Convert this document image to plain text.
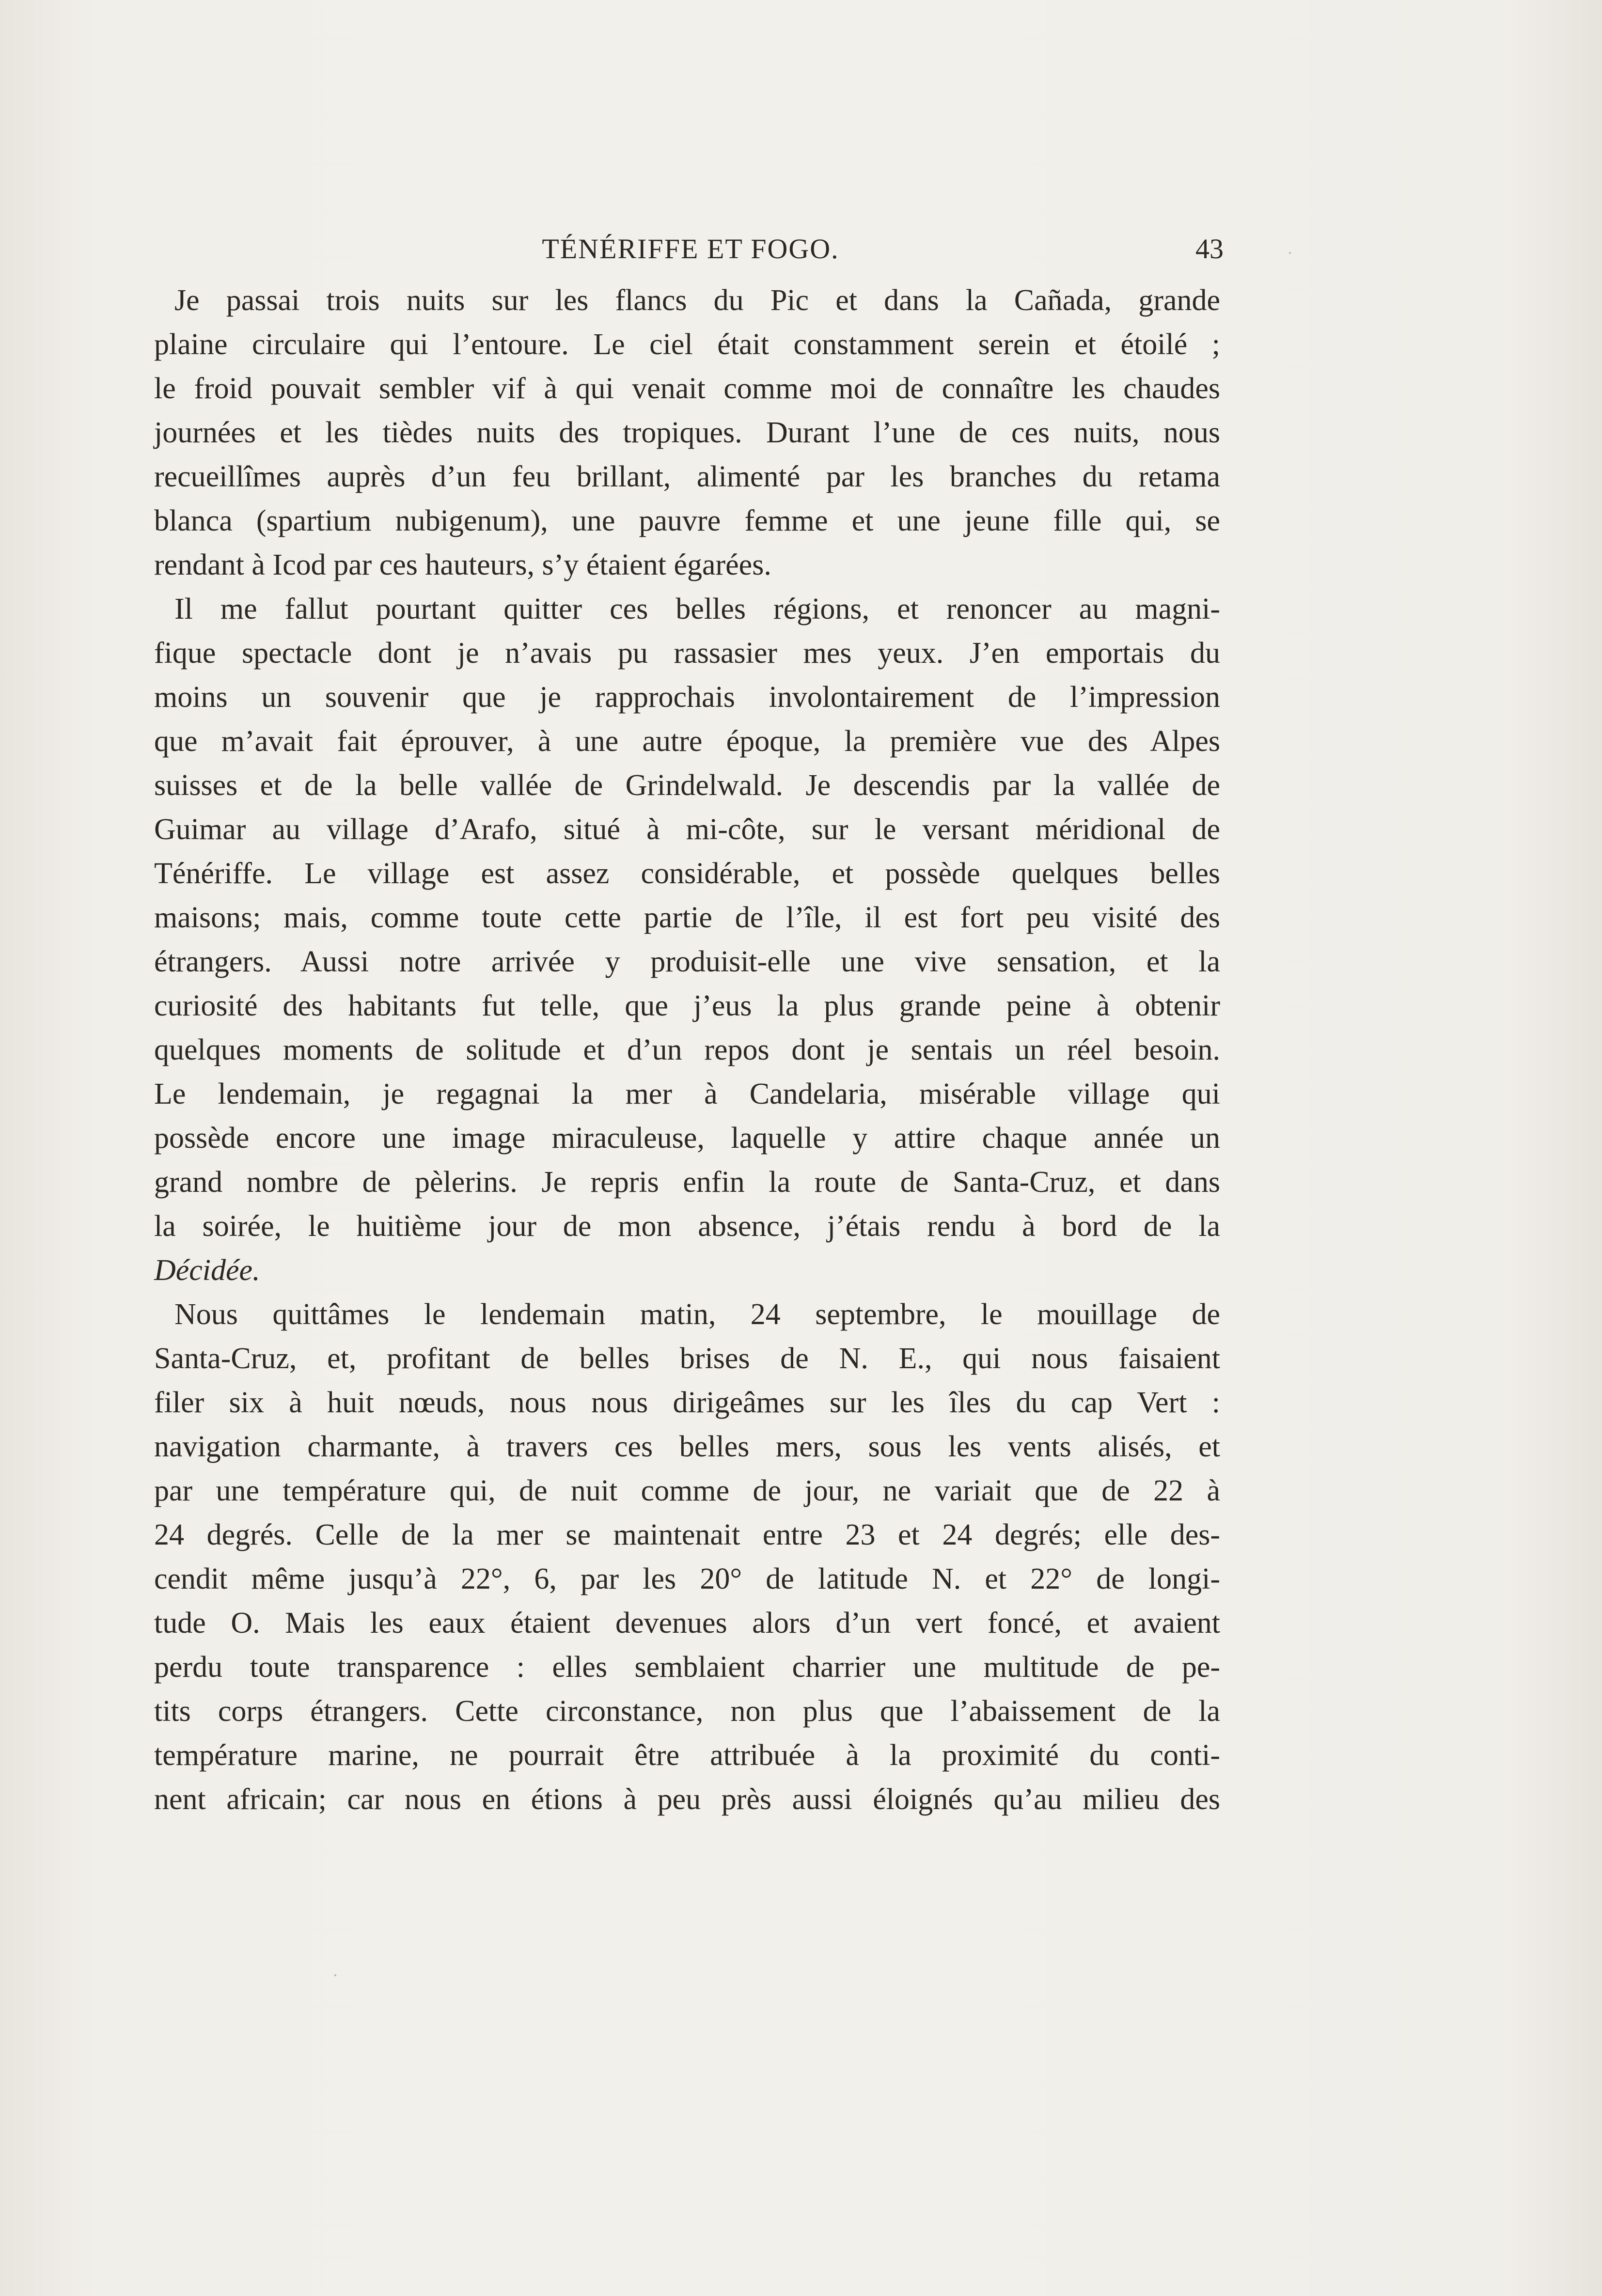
TÉNÉRIFFE ET FOGO.	43
Je passai trois nuits sur les flancs du Pic et dans la Cañada, grande
plaine circulaire qui l’entoure. Le ciel était constamment serein et étoilé ;
le froid pouvait sembler vif à qui venait comme moi de connaître les chaudes
journées et les tièdes nuits des tropiques. Durant l’une de ces nuits, nous
recueillîmes auprès d’un feu brillant, alimenté par les branches du retama
blanca (spartium nubigenum), une pauvre femme et une jeune fille qui, se
rendant à Icod par ces hauteurs, s’y étaient égarées.
Il me fallut pourtant quitter ces belles régions, et renoncer au magni-
fique spectacle dont je n’avais pu rassasier mes yeux. J’en emportais du
moins un souvenir que je rapprochais involontairement de l’impression
que m’avait fait éprouver, à une autre époque, la première vue des Alpes
suisses et de la belle vallée de Grindelwald. Je descendis par la vallée de
Guimar au village d’Arafo, situé à mi-côte, sur le versant méridional de
Ténériffe. Le village est assez considérable, et possède quelques belles
maisons; mais, comme toute cette partie de l’île, il est fort peu visité des
étrangers. Aussi notre arrivée y produisit-elle une vive sensation, et la
curiosité des habitants fut telle, que j’eus la plus grande peine à obtenir
quelques moments de solitude et d’un repos dont je sentais un réel besoin.
Le lendemain, je regagnai la mer à Candelaria, misérable village qui
possède encore une image miraculeuse, laquelle y attire chaque année un
grand nombre de pèlerins. Je repris enfin la route de Santa-Cruz, et dans
la soirée, le huitième jour de mon absence, j’étais rendu à bord de la
Décidée.
Nous quittâmes le lendemain matin, 24 septembre, le mouillage de
Santa-Cruz, et, profitant de belles brises de N. E., qui nous faisaient
filer six à huit nœuds, nous nous dirigeâmes sur les îles du cap Vert :
navigation charmante, à travers ces belles mers, sous les vents alisés, et
par une température qui, de nuit comme de jour, ne variait que de 22 à
24 degrés. Celle de la mer se maintenait entre 23 et 24 degrés; elle des-
cendit même jusqu’à 22°, 6, par les 20° de latitude N. et 22° de longi-
tude O. Mais les eaux étaient devenues alors d’un vert foncé, et avaient
perdu toute transparence : elles semblaient charrier une multitude de pe-
tits corps étrangers. Cette circonstance, non plus que l’abaissement de la
température marine, ne pourrait être attribuée à la proximité du conti-
nent africain; car nous en étions à peu près aussi éloignés qu’au milieu des
